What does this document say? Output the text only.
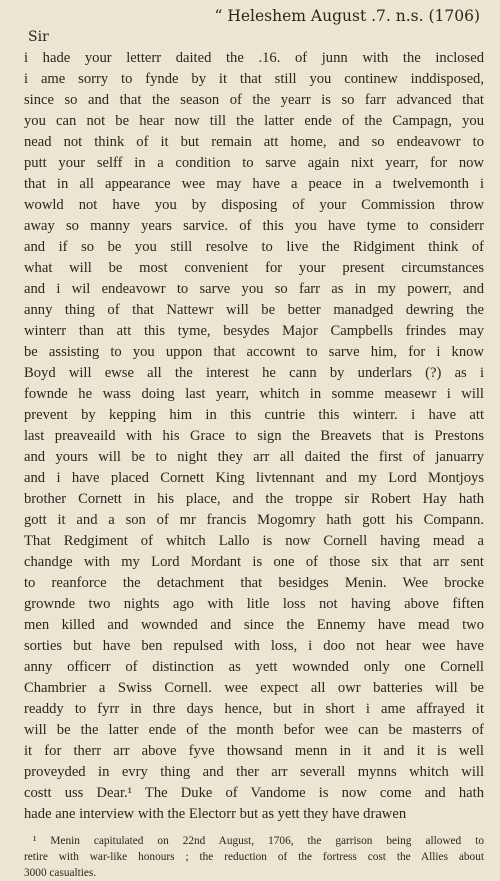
“ Heleshem August .7. n.s. (1706)
Sir
i hade your letterr daited the .16. of junn with the inclosed
i ame sorry to fynde by it that still you continew inddisposed,
since so and that the season of the yearr is so farr advanced that
you can not be hear now till the latter ende of the Campagn, you
nead not think of it but remain att home, and so endeavowr to
putt your selff in a condition to sarve again nixt yearr, for now
that in all appearance wee may have a peace in a twelvemonth i
wowld not have you by disposing of your Commission throw
away so manny years sarvice. of this you have tyme to considerr
and if so be you still resolve to live the Ridgiment think of
what will be most convenient for your present circumstances
and i wil endeavowr to sarve you so farr as in my powerr, and
anny thing of that Nattewr will be better manadged dewring the
winterr than att this tyme, besydes Major Campbells frindes may
be assisting to you uppon that accownt to sarve him, for i know
Boyd will ewse all the interest he cann by underlars (?) as i
fownde he wass doing last yearr, whitch in somme measewr i will
prevent by kepping him in this cuntrie this winterr. i have att
last preaveaild with his Grace to sign the Breavets that is Prestons
and yours will be to night they arr all daited the first of januarry
and i have placed Cornett King livtennant and my Lord Montjoys
brother Cornett in his place, and the troppe sir Robert Hay hath
gott it and a son of mr francis Mogomry hath gott his Compann.
That Redgiment of whitch Lallo is now Cornell having mead a
chandge with my Lord Mordant is one of those six that arr sent
to reanforce the detachment that besidges Menin. Wee brocke
grownde two nights ago with litle loss not having above fiften
men killed and wownded and since the Ennemy have mead two
sorties but have ben repulsed with loss, i doo not hear wee have
anny officerr of distinction as yett wownded only one Cornell
Chambrier a Swiss Cornell. wee expect all owr batteries will be
readdy to fyrr in thre days hence, but in short i ame affrayed it
will be the latter ende of the month befor wee can be masterrs of
it for therr arr above fyve thowsand menn in it and it is well
proveyded in evry thing and ther arr severall mynns whitch will
costt uss Dear.¹ The Duke of Vandome is now come and hath
hade ane interview with the Electorr but as yett they have drawen
¹ Menin capitulated on 22nd August, 1706, the garrison being allowed to
retire with war-like honours ; the reduction of the fortress cost the Allies about
3000 casualties.
